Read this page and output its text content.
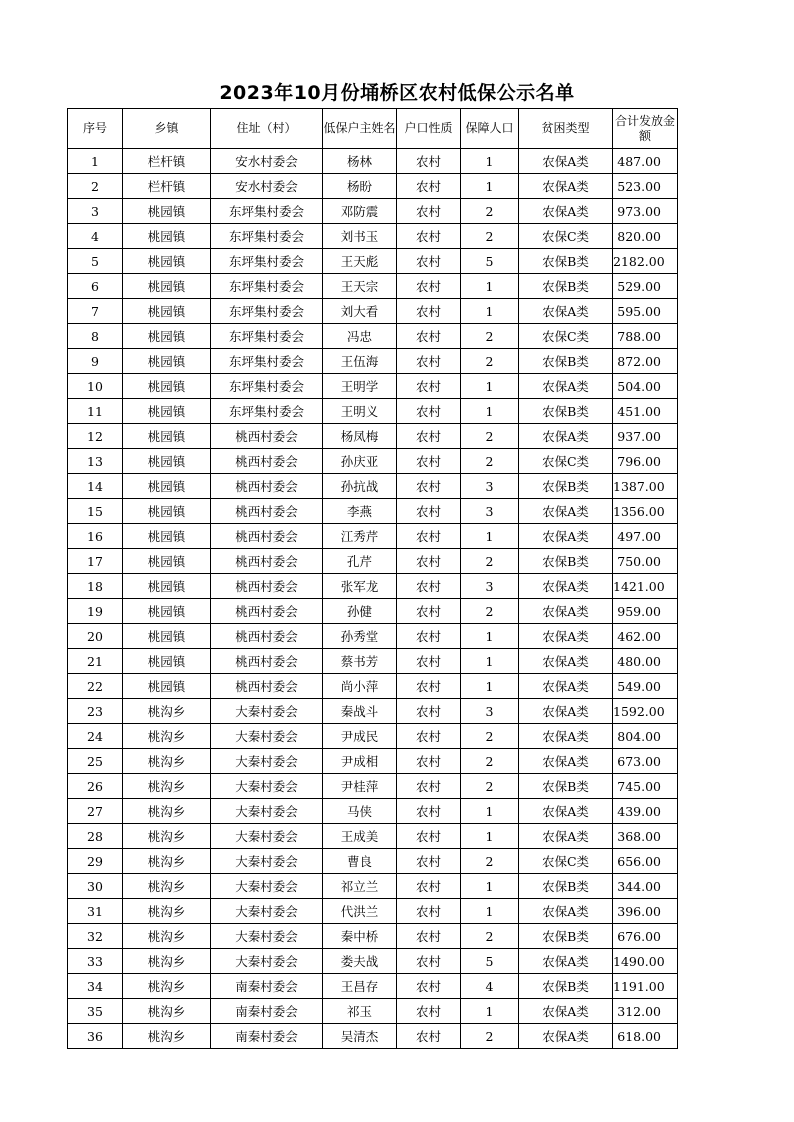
2023年10月份埇桥区农村低保公示名单
序号	乡镇	住址（村）	低保户主姓名	户口性质	保障人口	贫困类型	合计发放金额
1	栏杆镇	安水村委会	杨林	农村	1	农保A类	487.00
2	栏杆镇	安水村委会	杨盼	农村	1	农保A类	523.00
3	桃园镇	东坪集村委会	邓防震	农村	2	农保A类	973.00
4	桃园镇	东坪集村委会	刘书玉	农村	2	农保C类	820.00
5	桃园镇	东坪集村委会	王天彪	农村	5	农保B类	2182.00
6	桃园镇	东坪集村委会	王天宗	农村	1	农保B类	529.00
7	桃园镇	东坪集村委会	刘大看	农村	1	农保A类	595.00
8	桃园镇	东坪集村委会	冯忠	农村	2	农保C类	788.00
9	桃园镇	东坪集村委会	王伍海	农村	2	农保B类	872.00
10	桃园镇	东坪集村委会	王明学	农村	1	农保A类	504.00
11	桃园镇	东坪集村委会	王明义	农村	1	农保B类	451.00
12	桃园镇	桃西村委会	杨凤梅	农村	2	农保A类	937.00
13	桃园镇	桃西村委会	孙庆亚	农村	2	农保C类	796.00
14	桃园镇	桃西村委会	孙抗战	农村	3	农保B类	1387.00
15	桃园镇	桃西村委会	李燕	农村	3	农保A类	1356.00
16	桃园镇	桃西村委会	江秀芹	农村	1	农保A类	497.00
17	桃园镇	桃西村委会	孔芹	农村	2	农保B类	750.00
18	桃园镇	桃西村委会	张军龙	农村	3	农保A类	1421.00
19	桃园镇	桃西村委会	孙健	农村	2	农保A类	959.00
20	桃园镇	桃西村委会	孙秀堂	农村	1	农保A类	462.00
21	桃园镇	桃西村委会	蔡书芳	农村	1	农保A类	480.00
22	桃园镇	桃西村委会	尚小萍	农村	1	农保A类	549.00
23	桃沟乡	大秦村委会	秦战斗	农村	3	农保A类	1592.00
24	桃沟乡	大秦村委会	尹成民	农村	2	农保A类	804.00
25	桃沟乡	大秦村委会	尹成相	农村	2	农保A类	673.00
26	桃沟乡	大秦村委会	尹桂萍	农村	2	农保B类	745.00
27	桃沟乡	大秦村委会	马侠	农村	1	农保A类	439.00
28	桃沟乡	大秦村委会	王成美	农村	1	农保A类	368.00
29	桃沟乡	大秦村委会	曹良	农村	2	农保C类	656.00
30	桃沟乡	大秦村委会	祁立兰	农村	1	农保B类	344.00
31	桃沟乡	大秦村委会	代洪兰	农村	1	农保A类	396.00
32	桃沟乡	大秦村委会	秦中桥	农村	2	农保B类	676.00
33	桃沟乡	大秦村委会	娄夫战	农村	5	农保A类	1490.00
34	桃沟乡	南秦村委会	王昌存	农村	4	农保B类	1191.00
35	桃沟乡	南秦村委会	祁玉	农村	1	农保A类	312.00
36	桃沟乡	南秦村委会	吴清杰	农村	2	农保A类	618.00
